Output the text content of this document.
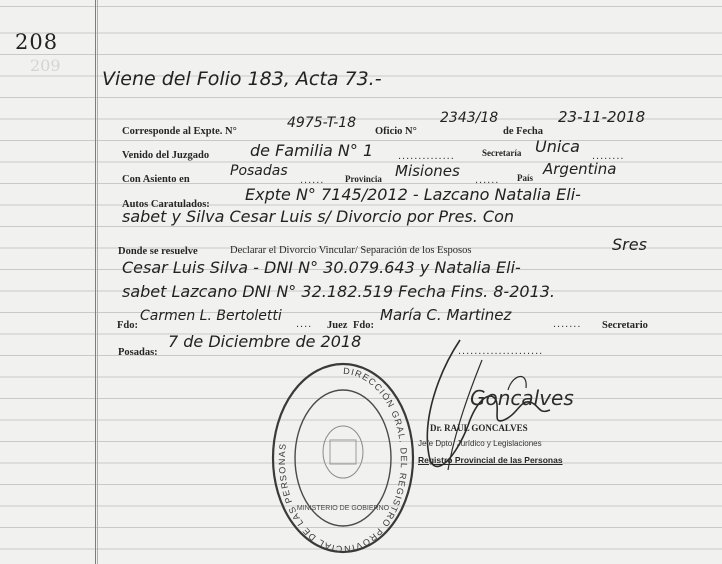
208
209
Viene del Folio 183, Acta 73.-
Corresponde al Expte. N°
4975-T-18
Oficio N°
2343/18
de Fecha
23-11-2018
Venido del Juzgado	de Familia N° 1 ..............	Secretaría Unica ........
Con Asiento en
Posadas
...... Provincia Misiones ...... País Argentina
Autos Caratulados:
Expte N° 7145/2012 - Lazcano Natalia Eli-
sabet y Silva Cesar Luis s/ Divorcio por Pres. Con
Donde se resuelve	Declarar el Divorcio Vincular/ Separación de los Esposos	Sres
Cesar Luis Silva - DNI N° 30.079.643 y Natalia Eli-
sabet Lazcano DNI N° 32.182.519 Fecha Fins. 8-2013.
Fdo:
Carmen L. Bertoletti .... Juez Fdo:
María C. Martinez	....... Secretario
Posadas:
7 de Diciembre de 2018	.....................
DIRECCIÓN GRAL. DEL REGISTRO PROVINCIAL DE LAS PERSONAS
MINISTERIO DE GOBIERNO
Goncalves
Dr. RAUL GONCALVES
Jefe Dpto. Jurídico y Legislaciones
Registro Provincial de las Personas
